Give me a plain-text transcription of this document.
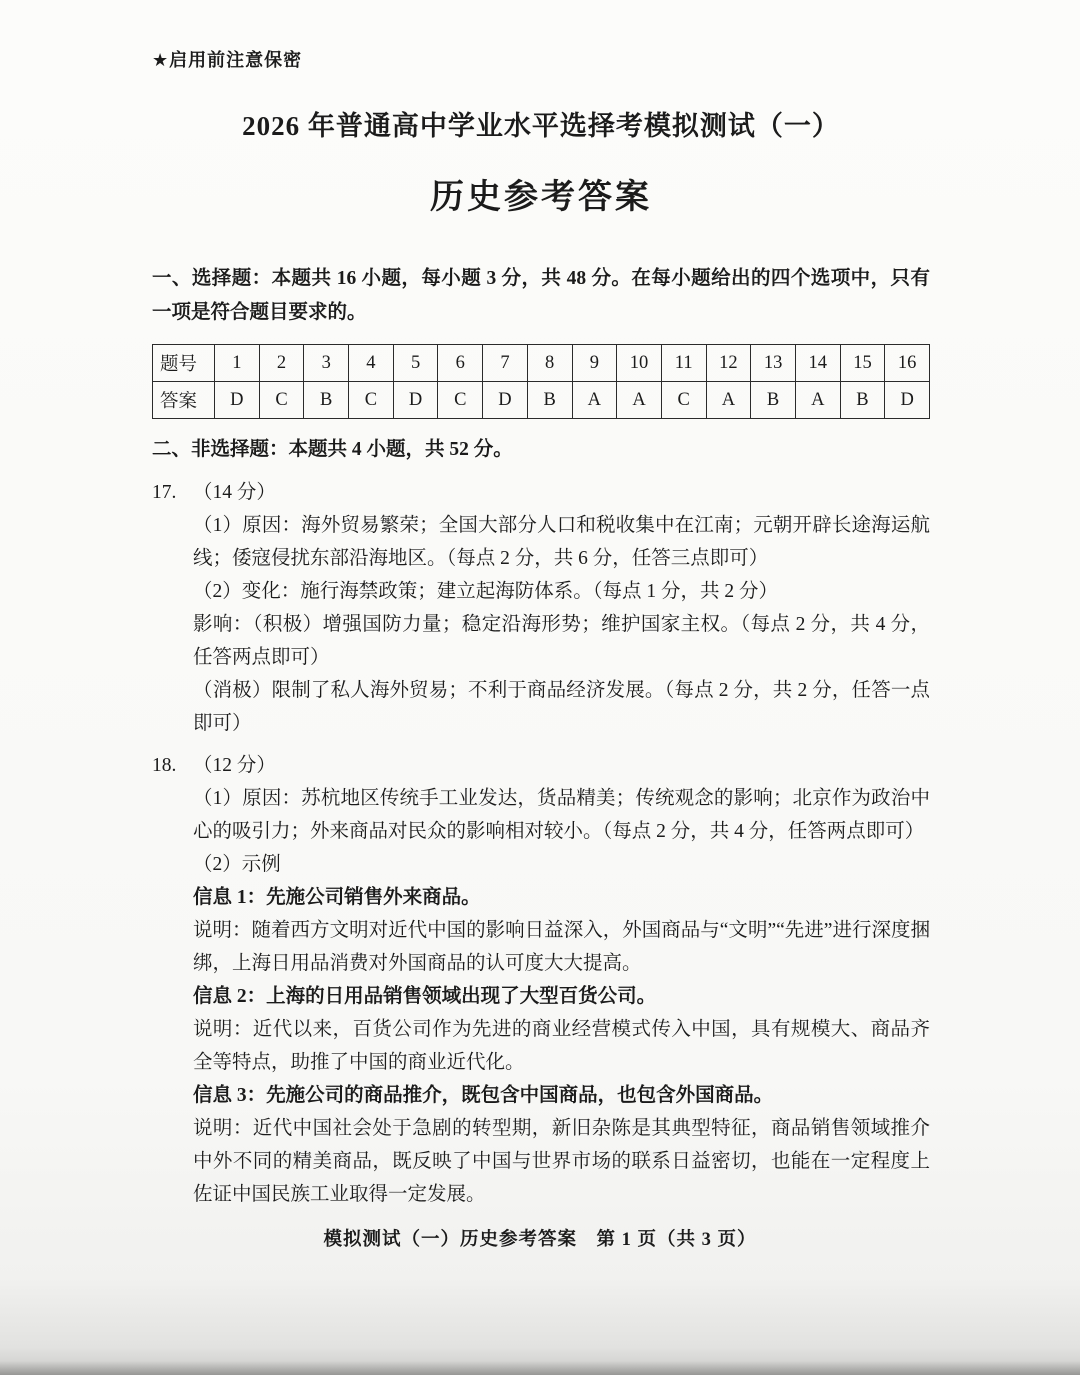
★启用前注意保密
2026 年普通高中学业水平选择考模拟测试（一）
历史参考答案

一、选择题：本题共 16 小题，每小题 3 分，共 48 分。在每小题给出的四个选项中，只有一项是符合题目要求的。

题号	1	2	3	4	5	6	7	8	9	10	11	12	13	14	15	16
答案	D	C	B	C	D	C	D	B	A	A	C	A	B	A	B	D

二、非选择题：本题共 4 小题，共 52 分。

17. （14 分）

（1）原因：海外贸易繁荣；全国大部分人口和税收集中在江南；元朝开辟长途海运航线；倭寇侵扰东部沿海地区。（每点 2 分，共 6 分，任答三点即可）

（2）变化：施行海禁政策；建立起海防体系。（每点 1 分，共 2 分）

影响：（积极）增强国防力量；稳定沿海形势；维护国家主权。（每点 2 分，共 4 分，任答两点即可）

（消极）限制了私人海外贸易；不利于商品经济发展。（每点 2 分，共 2 分，任答一点即可）

18. （12 分）

（1）原因：苏杭地区传统手工业发达，货品精美；传统观念的影响；北京作为政治中心的吸引力；外来商品对民众的影响相对较小。（每点 2 分，共 4 分，任答两点即可）

（2）示例

信息 1：先施公司销售外来商品。

说明：随着西方文明对近代中国的影响日益深入，外国商品与“文明”“先进”进行深度捆绑，上海日用品消费对外国商品的认可度大大提高。

信息 2：上海的日用品销售领域出现了大型百货公司。

说明：近代以来，百货公司作为先进的商业经营模式传入中国，具有规模大、商品齐全等特点，助推了中国的商业近代化。

信息 3：先施公司的商品推介，既包含中国商品，也包含外国商品。

说明：近代中国社会处于急剧的转型期，新旧杂陈是其典型特征，商品销售领域推介中外不同的精美商品，既反映了中国与世界市场的联系日益密切，也能在一定程度上佐证中国民族工业取得一定发展。

模拟测试（一）历史参考答案　第 1 页（共 3 页）
